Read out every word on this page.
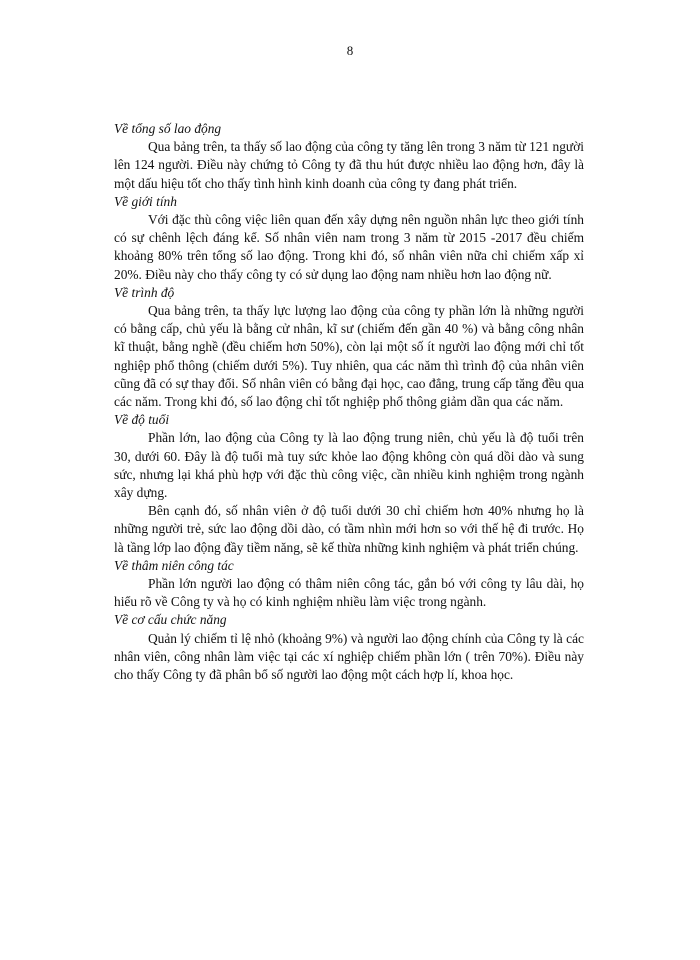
8

Về tổng số lao động

Qua bảng trên, ta thấy số lao động của công ty tăng lên trong 3 năm từ 121 người lên 124 người. Điều này chứng tỏ Công ty đã thu hút được nhiều lao động hơn, đây là một dấu hiệu tốt cho thấy tình hình kinh doanh của công ty đang phát triển.

Về giới tính

Với đặc thù công việc liên quan đến xây dựng nên nguồn nhân lực theo giới tính có sự chênh lệch đáng kể. Số nhân viên nam trong 3 năm từ 2015 -2017 đều chiếm khoảng 80% trên tổng số lao động. Trong khi đó, số nhân viên nữa chỉ chiếm xấp xỉ 20%. Điều này cho thấy công ty có sử dụng lao động nam nhiều hơn lao động nữ.

Về trình độ

Qua bảng trên, ta thấy lực lượng lao động của công ty phần lớn là những người có bằng cấp, chủ yếu là bằng cử nhân, kĩ sư (chiếm đến gần 40 %) và bằng công nhân kĩ thuật, bằng nghề (đều chiếm hơn 50%), còn lại một số ít người lao động mới chỉ tốt nghiệp phổ thông (chiếm dưới 5%). Tuy nhiên, qua các năm thì trình độ của nhân viên cũng đã có sự thay đổi. Số nhân viên có bằng đại học, cao đẳng, trung cấp tăng đều qua các năm. Trong khi đó, số lao động chỉ tốt nghiệp phổ thông giảm dần qua các năm.

Về độ tuổi

Phần lớn, lao động của Công ty là lao động trung niên, chủ yếu là độ tuổi trên 30, dưới 60. Đây là độ tuổi mà tuy sức khỏe lao động không còn quá dồi dào và sung sức, nhưng lại khá phù hợp với đặc thù công việc, cần nhiều kinh nghiệm trong ngành xây dựng.

Bên cạnh đó, số nhân viên ở độ tuổi dưới 30 chỉ chiếm hơn 40% nhưng họ là những người trẻ, sức lao động dồi dào, có tầm nhìn mới hơn so với thế hệ đi trước. Họ là tầng lớp lao động đầy tiềm năng, sẽ kế thừa những kinh nghiệm và phát triển chúng.

Về thâm niên công tác

Phần lớn người lao động có thâm niên công tác, gắn bó với công ty lâu dài, họ hiểu rõ về Công ty và họ có kinh nghiệm nhiều làm việc trong ngành.

Về cơ cấu chức năng

Quản lý chiếm tỉ lệ nhỏ (khoảng 9%) và người lao động chính của Công ty là các nhân viên, công nhân làm việc tại các xí nghiệp chiếm phần lớn ( trên 70%). Điều này cho thấy Công ty đã phân bổ số người lao động một cách hợp lí, khoa học.
